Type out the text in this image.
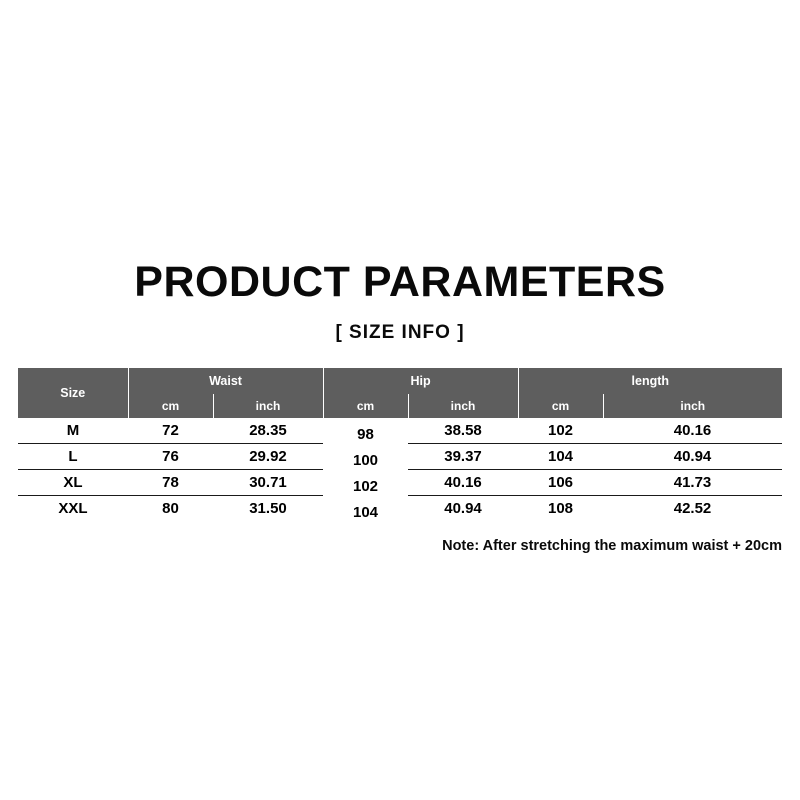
PRODUCT PARAMETERS
[ SIZE INFO ]
Size	Waist		Hip		length	
	cm	inch	cm	inch	cm	inch
M	72	28.35	98	38.58	102	40.16
L	76	29.92	100	39.37	104	40.94
XL	78	30.71	102	40.16	106	41.73
XXL	80	31.50	104	40.94	108	42.52
Note: After stretching the maximum waist + 20cm
